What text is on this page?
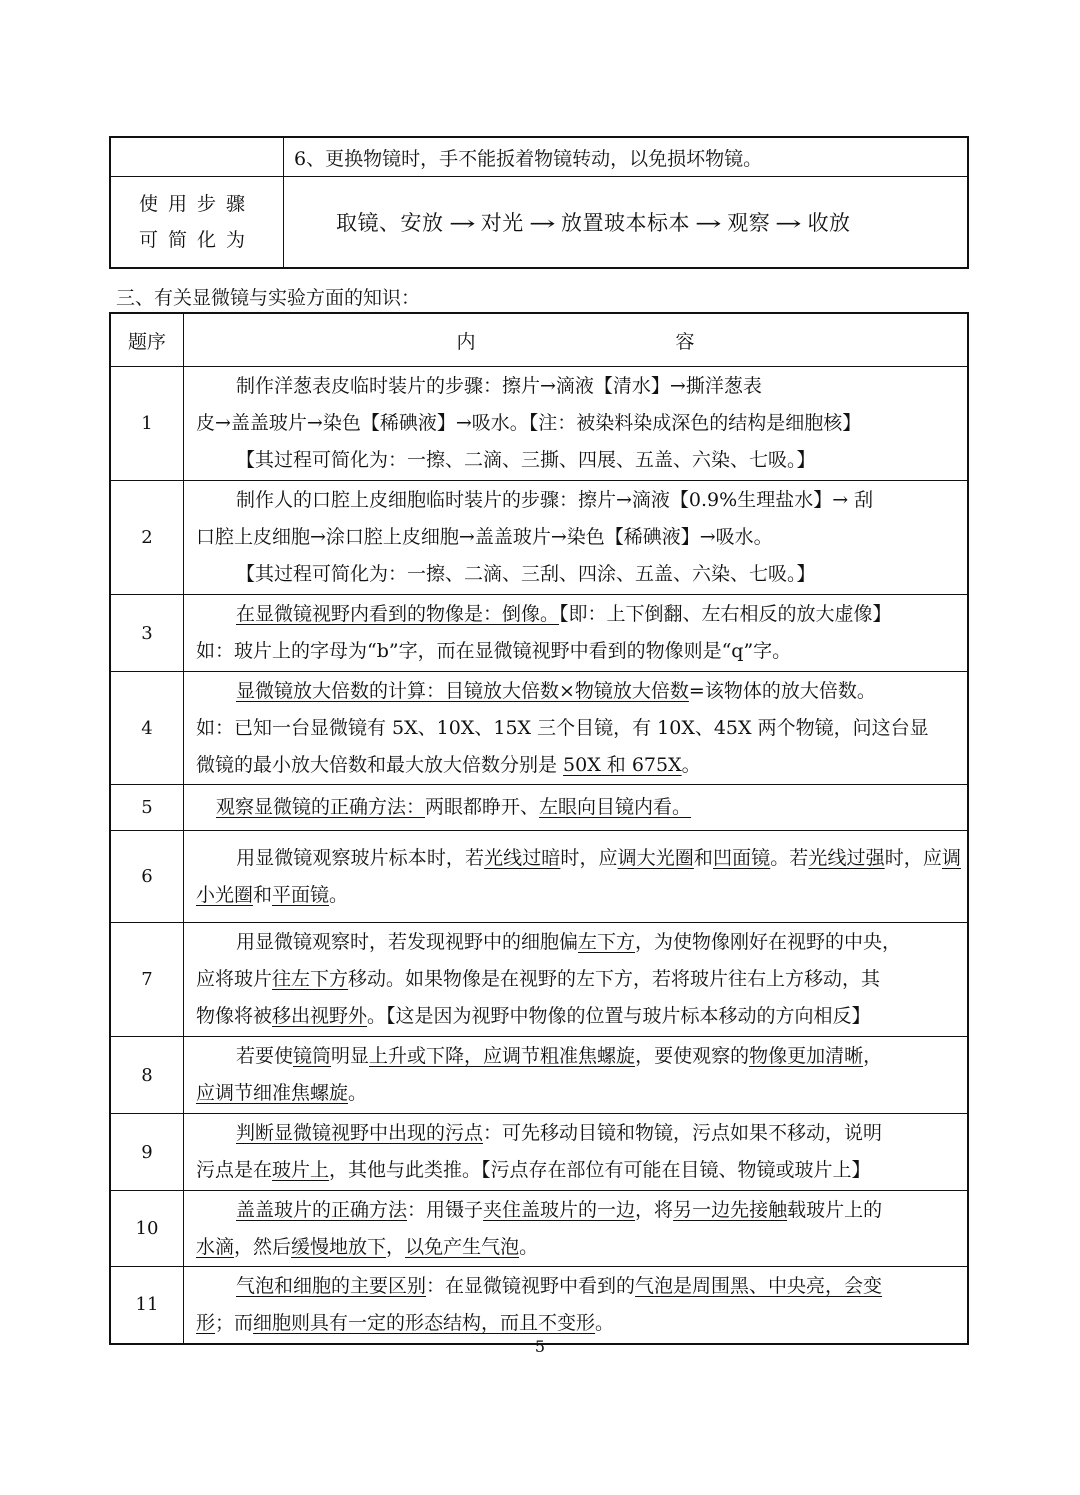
	6、更换物镜时，手不能扳着物镜转动，以免损坏物镜。

使用步骤
可简化为	取镜、安放 → 对光 → 放置玻本标本 → 观察 → 收放
三、有关显微镜与实验方面的知识：
题序	内 容
1	制作洋葱表皮临时装片的步骤：擦片→滴液【清水】→撕洋葱表
皮→盖盖玻片→染色【稀碘液】→吸水。【注：被染料染成深色的结构是细胞核】
【其过程可简化为：一擦、二滴、三撕、四展、五盖、六染、七吸。】

2	制作人的口腔上皮细胞临时装片的步骤：擦片→滴液【0.9%生理盐水】→ 刮
口腔上皮细胞→涂口腔上皮细胞→盖盖玻片→染色【稀碘液】→吸水。
【其过程可简化为：一擦、二滴、三刮、四涂、五盖、六染、七吸。】

3	在显微镜视野内看到的物像是：倒像。【即：上下倒翻、左右相反的放大虚像】
如：玻片上的字母为“b”字，而在显微镜视野中看到的物像则是“q”字。

4	显微镜放大倍数的计算：目镜放大倍数×物镜放大倍数=该物体的放大倍数。
如：已知一台显微镜有 5X、10X、15X 三个目镜，有 10X、45X 两个物镜，问这台显
微镜的最小放大倍数和最大放大倍数分别是 50X 和 675X。

5	观察显微镜的正确方法：两眼都睁开、左眼向目镜内看。

6	用显微镜观察玻片标本时，若光线过暗时，应调大光圈和凹面镜。若光线过强时，应调小光圈和平面镜。

7	用显微镜观察时，若发现视野中的细胞偏左下方，为使物像刚好在视野的中央，
应将玻片往左下方移动。如果物像是在视野的左下方，若将玻片往右上方移动，其
物像将被移出视野外。【这是因为视野中物像的位置与玻片标本移动的方向相反】

8	若要使镜筒明显上升或下降，应调节粗准焦螺旋，要使观察的物像更加清晰，
应调节细准焦螺旋。

9	判断显微镜视野中出现的污点：可先移动目镜和物镜，污点如果不移动，说明
污点是在玻片上，其他与此类推。【污点存在部位有可能在目镜、物镜或玻片上】

10	盖盖玻片的正确方法：用镊子夹住盖玻片的一边，将另一边先接触载玻片上的
水滴，然后缓慢地放下，以免产生气泡。

11	气泡和细胞的主要区别：在显微镜视野中看到的气泡是周围黑、中央亮，会变
形；而细胞则具有一定的形态结构，而且不变形。
5
